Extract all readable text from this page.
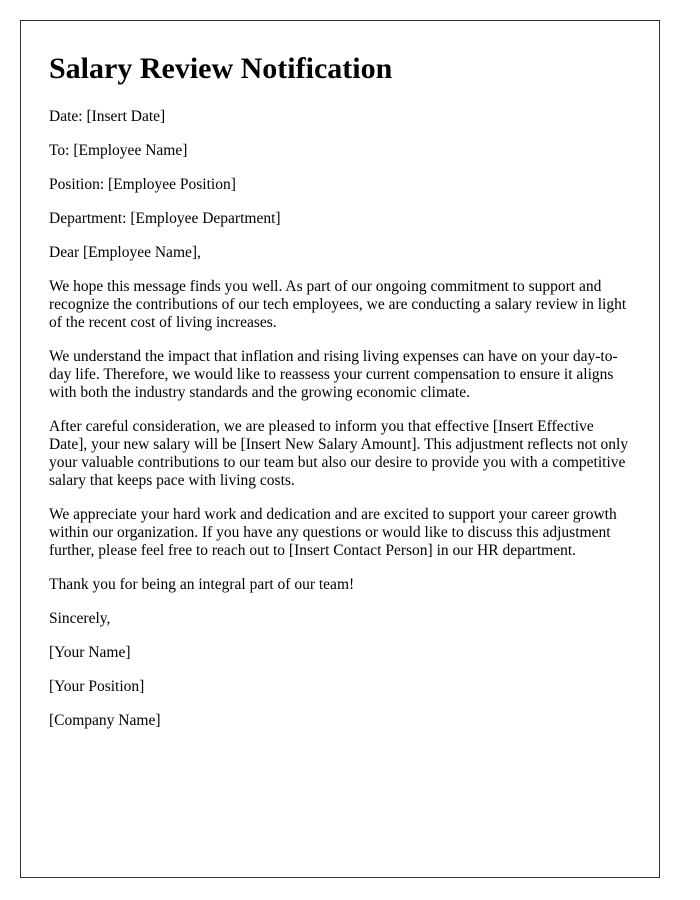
Salary Review Notification

Date: [Insert Date]

To: [Employee Name]

Position: [Employee Position]

Department: [Employee Department]

Dear [Employee Name],

We hope this message finds you well. As part of our ongoing commitment to support and recognize the contributions of our tech employees, we are conducting a salary review in light of the recent cost of living increases.

We understand the impact that inflation and rising living expenses can have on your day-to-day life. Therefore, we would like to reassess your current compensation to ensure it aligns with both the industry standards and the growing economic climate.

After careful consideration, we are pleased to inform you that effective [Insert Effective Date], your new salary will be [Insert New Salary Amount]. This adjustment reflects not only your valuable contributions to our team but also our desire to provide you with a competitive salary that keeps pace with living costs.

We appreciate your hard work and dedication and are excited to support your career growth within our organization. If you have any questions or would like to discuss this adjustment further, please feel free to reach out to [Insert Contact Person] in our HR department.

Thank you for being an integral part of our team!

Sincerely,

[Your Name]

[Your Position]

[Company Name]
